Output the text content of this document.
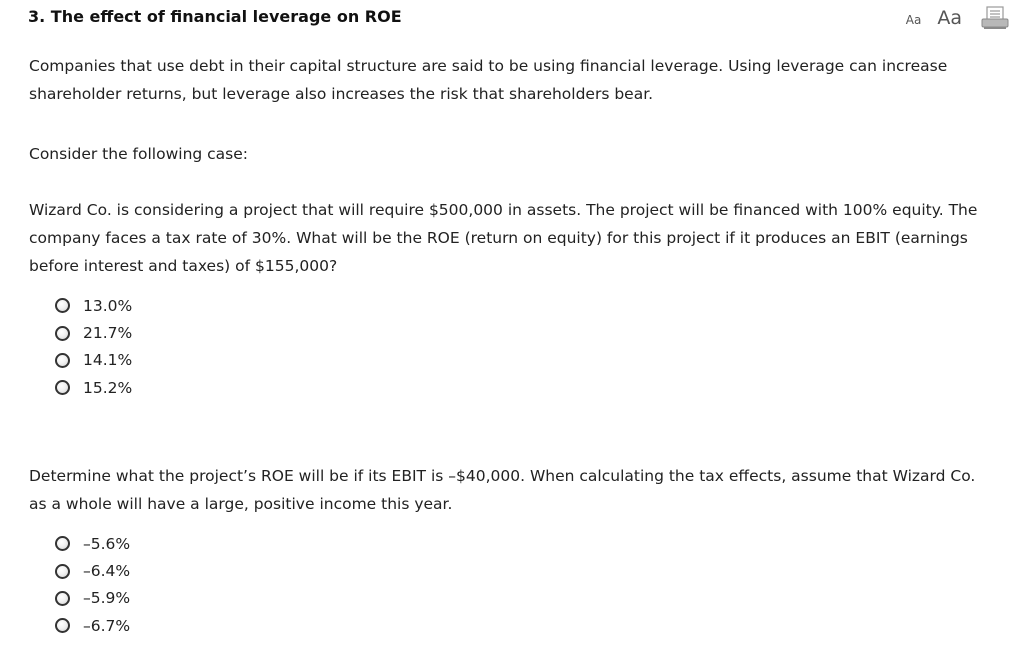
3. The effect of financial leverage on ROE	Aa Aa

Companies that use debt in their capital structure are said to be using financial leverage. Using leverage can increase shareholder returns, but leverage also increases the risk that shareholders bear.

Consider the following case:

Wizard Co. is considering a project that will require $500,000 in assets. The project will be financed with 100% equity. The company faces a tax rate of 30%. What will be the ROE (return on equity) for this project if it produces an EBIT (earnings before interest and taxes) of $155,000?

13.0%
21.7%
14.1%
15.2%

Determine what the project’s ROE will be if its EBIT is –$40,000. When calculating the tax effects, assume that Wizard Co. as a whole will have a large, positive income this year.

–5.6%
–6.4%
–5.9%
–6.7%
